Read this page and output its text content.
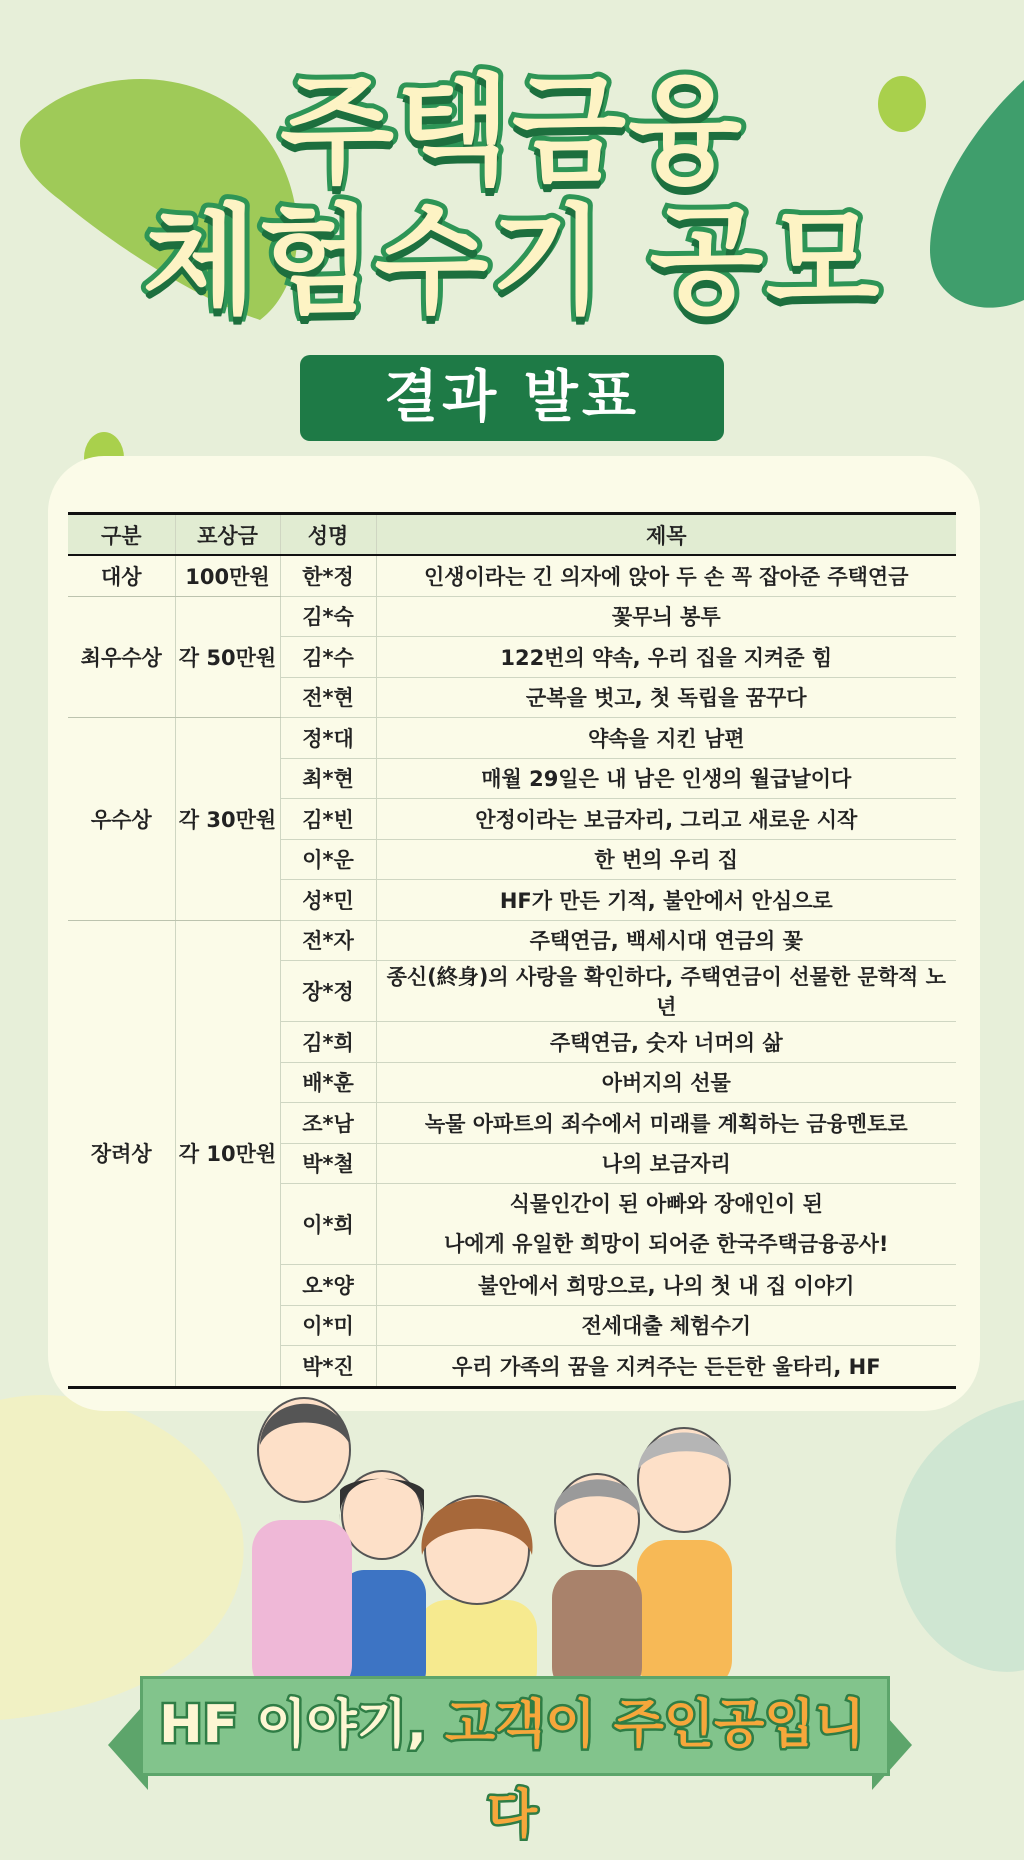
주택금융
체험수기 공모
결과 발표
구분	포상금	성명	제목
대상	100만원	한*정	인생이라는 긴 의자에 앉아 두 손 꼭 잡아준 주택연금

최우수상	각 50만원	김*숙	꽃무늬 봉투

		김*수	122번의 약속, 우리 집을 지켜준 힘

		전*현	군복을 벗고, 첫 독립을 꿈꾸다

우수상	각 30만원	정*대	약속을 지킨 남편

		최*현	매월 29일은 내 남은 인생의 월급날이다

		김*빈	안정이라는 보금자리, 그리고 새로운 시작

		이*운	한 번의 우리 집

		성*민	HF가 만든 기적, 불안에서 안심으로

장려상	각 10만원	전*자	주택연금, 백세시대 연금의 꽃

		장*정	종신(終身)의 사랑을 확인하다, 주택연금이 선물한 문학적 노년

		김*희	주택연금, 숫자 너머의 삶

		배*훈	아버지의 선물

		조*남	녹물 아파트의 죄수에서 미래를 계획하는 금융멘토로

		박*철	나의 보금자리

		이*희	식물인간이 된 아빠와 장애인이 된
나에게 유일한 희망이 되어준 한국주택금융공사!

		오*양	불안에서 희망으로, 나의 첫 내 집 이야기

		이*미	전세대출 체험수기

		박*진	우리 가족의 꿈을 지켜주는 든든한 울타리, HF
HF 이야기, 고객이 주인공입니다
